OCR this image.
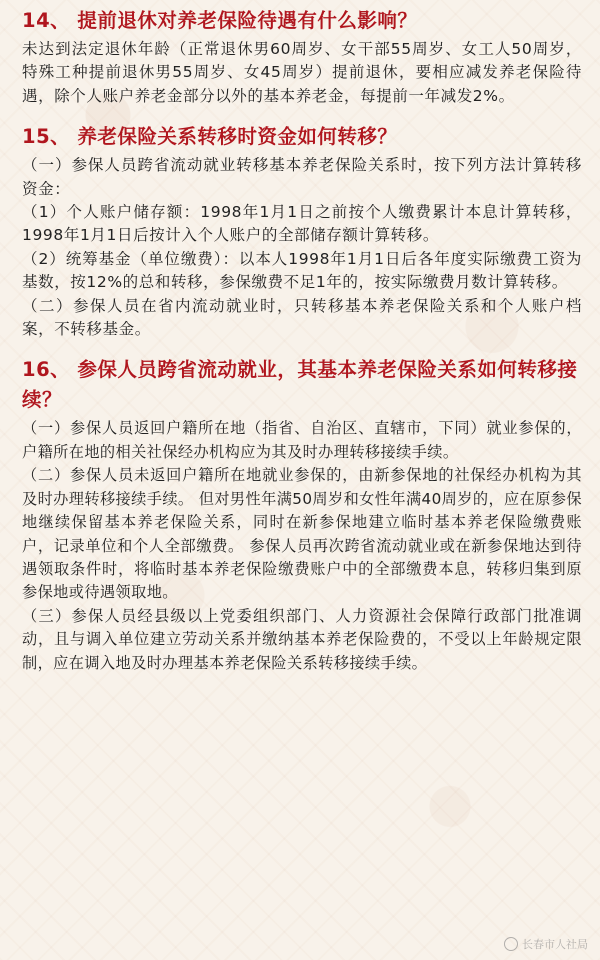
14、 提前退休对养老保险待遇有什么影响？

未达到法定退休年龄（正常退休男60周岁、女干部55周岁、女工人50周岁，特殊工种提前退休男55周岁、女45周岁）提前退休，要相应减发养老保险待遇，除个人账户养老金部分以外的基本养老金，每提前一年减发2%。

15、 养老保险关系转移时资金如何转移？

（一）参保人员跨省流动就业转移基本养老保险关系时，按下列方法计算转移资金：

（1）个人账户储存额：1998年1月1日之前按个人缴费累计本息计算转移，1998年1月1日后按计入个人账户的全部储存额计算转移。

（2）统筹基金（单位缴费）：以本人1998年1月1日后各年度实际缴费工资为基数，按12%的总和转移，参保缴费不足1年的，按实际缴费月数计算转移。

（二）参保人员在省内流动就业时，只转移基本养老保险关系和个人账户档案，不转移基金。

16、 参保人员跨省流动就业，其基本养老保险关系如何转移接续？

（一）参保人员返回户籍所在地（指省、自治区、直辖市，下同）就业参保的，户籍所在地的相关社保经办机构应为其及时办理转移接续手续。

（二）参保人员未返回户籍所在地就业参保的，由新参保地的社保经办机构为其及时办理转移接续手续。 但对男性年满50周岁和女性年满40周岁的，应在原参保地继续保留基本养老保险关系，同时在新参保地建立临时基本养老保险缴费账户，记录单位和个人全部缴费。 参保人员再次跨省流动就业或在新参保地达到待遇领取条件时，将临时基本养老保险缴费账户中的全部缴费本息，转移归集到原参保地或待遇领取地。

（三）参保人员经县级以上党委组织部门、人力资源社会保障行政部门批准调动，且与调入单位建立劳动关系并缴纳基本养老保险费的，不受以上年龄规定限制，应在调入地及时办理基本养老保险关系转移接续手续。

长春市人社局
